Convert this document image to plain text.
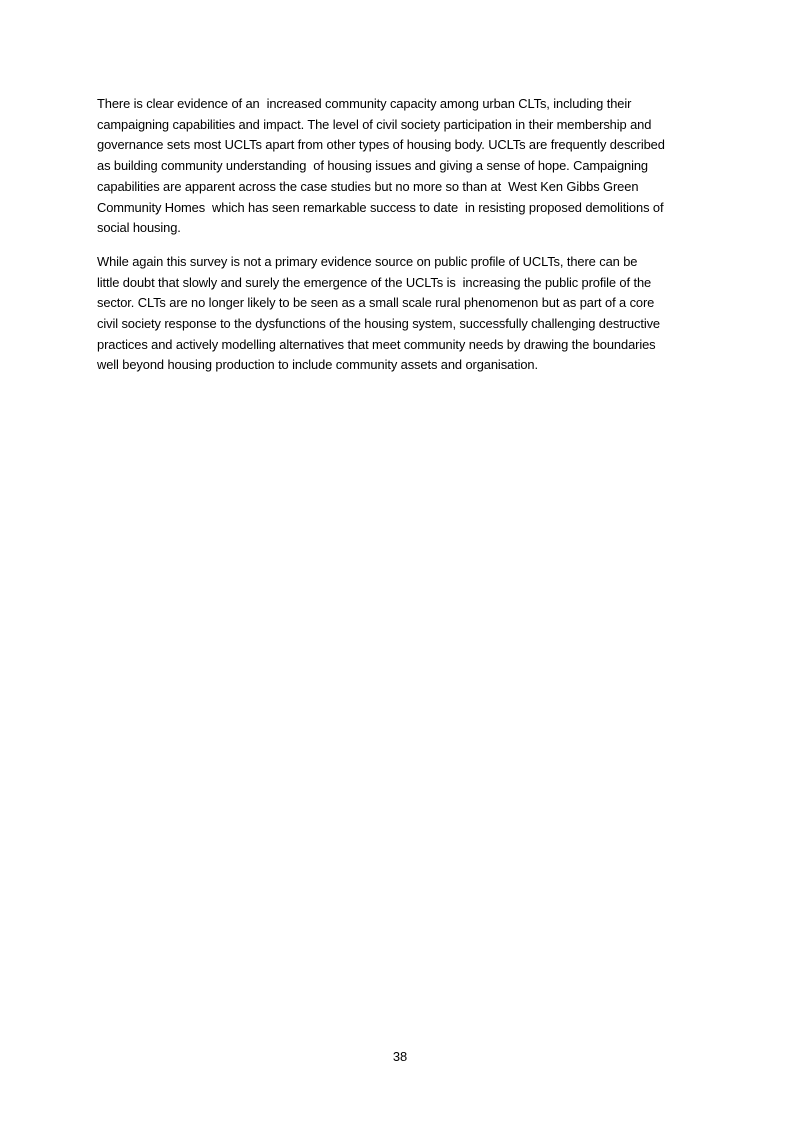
There is clear evidence of an  increased community capacity among urban CLTs, including their
campaigning capabilities and impact. The level of civil society participation in their membership and
governance sets most UCLTs apart from other types of housing body. UCLTs are frequently described
as building community understanding  of housing issues and giving a sense of hope. Campaigning
capabilities are apparent across the case studies but no more so than at  West Ken Gibbs Green
Community Homes  which has seen remarkable success to date  in resisting proposed demolitions of
social housing.

While again this survey is not a primary evidence source on public profile of UCLTs, there can be
little doubt that slowly and surely the emergence of the UCLTs is  increasing the public profile of the
sector. CLTs are no longer likely to be seen as a small scale rural phenomenon but as part of a core
civil society response to the dysfunctions of the housing system, successfully challenging destructive
practices and actively modelling alternatives that meet community needs by drawing the boundaries
well beyond housing production to include community assets and organisation.

38
